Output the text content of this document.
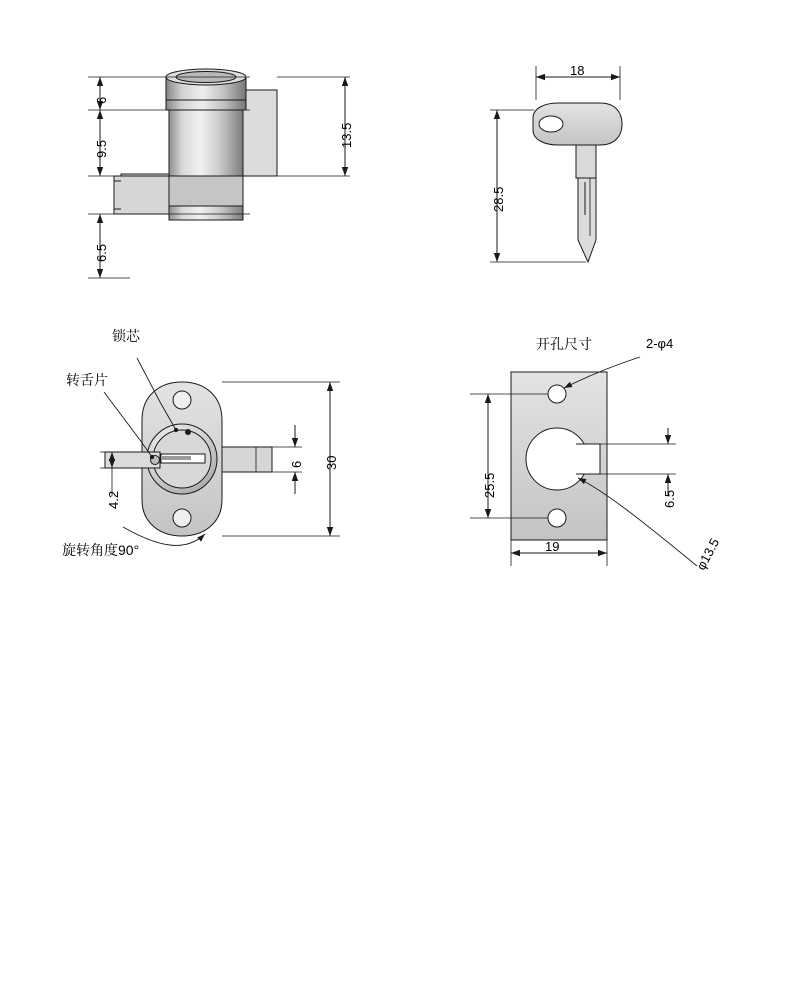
6
9.5
6.5
13.5
18
28.5
锁芯
转舌片
旋转角度90°
4.2
6 30
开孔尺寸	2-φ4
25.5
6.5
19	φ13.5
